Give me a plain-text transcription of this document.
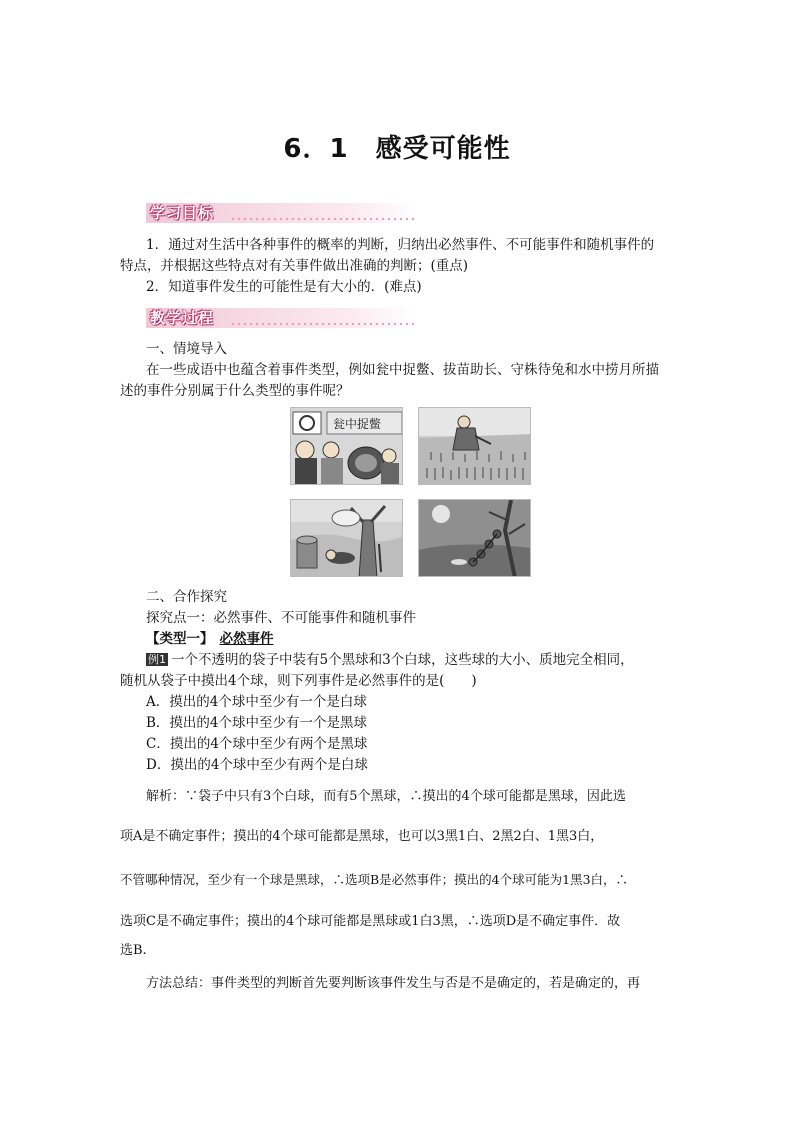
6．1　感受可能性
学习目标
1．通过对生活中各种事件的概率的判断，归纳出必然事件、不可能事件和随机事件的
特点，并根据这些特点对有关事件做出准确的判断；(重点)
2．知道事件发生的可能性是有大小的．(难点)
教学过程
一、情境导入
在一些成语中也蕴含着事件类型，例如瓮中捉鳖、拔苗助长、守株待兔和水中捞月所描
述的事件分别属于什么类型的事件呢？
瓮中捉鳖
二、合作探究
探究点一：必然事件、不可能事件和随机事件
【类型一】 必然事件
例1 一个不透明的袋子中装有5个黑球和3个白球，这些球的大小、质地完全相同，
随机从袋子中摸出4个球，则下列事件是必然事件的是(　　)
A．摸出的4个球中至少有一个是白球
B．摸出的4个球中至少有一个是黑球
C．摸出的4个球中至少有两个是黑球
D．摸出的4个球中至少有两个是白球
解析：∵袋子中只有3个白球，而有5个黑球，∴摸出的4个球可能都是黑球，因此选
项A是不确定事件；摸出的4个球可能都是黑球，也可以3黑1白、2黑2白、1黑3白，
不管哪种情况，至少有一个球是黑球，∴选项B是必然事件；摸出的4个球可能为1黑3白，∴
选项C是不确定事件；摸出的4个球可能都是黑球或1白3黑，∴选项D是不确定事件．故
选B.
方法总结：事件类型的判断首先要判断该事件发生与否是不是确定的，若是确定的，再
